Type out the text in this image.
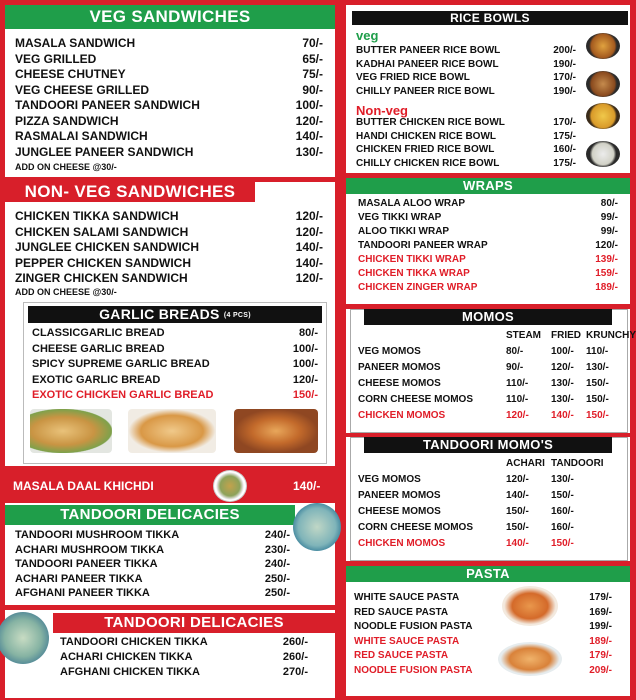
VEG SANDWICHES
MASALA SANDWICH	70/-
VEG GRILLED	65/-
CHEESE CHUTNEY	75/-
VEG CHEESE GRILLED	90/-
TANDOORI PANEER SANDWICH	100/-
PIZZA SANDWICH	120/-
RASMALAI SANDWICH	140/-
JUNGLEE PANEER SANDWICH	130/-
ADD ON CHEESE @30/-
NON- VEG SANDWICHES
CHICKEN TIKKA SANDWICH	120/-
CHICKEN SALAMI SANDWICH	120/-
JUNGLEE CHICKEN SANDWICH	140/-
PEPPER CHICKEN SANDWICH	140/-
ZINGER CHICKEN SANDWICH	120/-
ADD ON CHEESE @30/-
GARLIC BREADS (4 PCS)
CLASSICGARLIC BREAD	80/-
CHEESE GARLIC BREAD	100/-
SPICY SUPREME GARLIC BREAD	100/-
EXOTIC GARLIC BREAD	120/-
EXOTIC CHICKEN GARLIC BREAD	150/-
MASALA DAAL KHICHDI	140/-
TANDOORI DELICACIES
TANDOORI MUSHROOM TIKKA	240/-
ACHARI MUSHROOM TIKKA	230/-
TANDOORI PANEER TIKKA	240/-
ACHARI PANEER TIKKA	250/-
AFGHANI PANEER TIKKA	250/-
TANDOORI DELICACIES
TANDOORI CHICKEN TIKKA	260/-
ACHARI CHICKEN TIKKA	260/-
AFGHANI CHICKEN TIKKA	270/-
RICE BOWLS
veg
BUTTER PANEER RICE BOWL	200/-
KADHAI PANEER RICE BOWL	190/-
VEG FRIED RICE BOWL	170/-
CHILLY PANEER RICE BOWL	190/-
Non-veg
BUTTER CHICKEN RICE BOWL	170/-
HANDI CHICKEN RICE BOWL	175/-
CHICKEN FRIED RICE BOWL	160/-
CHILLY CHICKEN RICE BOWL	175/-
WRAPS
MASALA ALOO WRAP	80/-
VEG TIKKI WRAP	99/-
ALOO TIKKI WRAP	99/-
TANDOORI PANEER WRAP	120/-
CHICKEN TIKKI WRAP	139/-
CHICKEN TIKKA WRAP	159/-
CHICKEN ZINGER WRAP	189/-
MOMOS
STEAM FRIED KRUNCHY
VEG MOMOS	80/-	100/-	110/-
PANEER MOMOS	90/-	120/-	130/-
CHEESE MOMOS	110/-	130/-	150/-
CORN CHEESE MOMOS	110/-	130/-	150/-
CHICKEN MOMOS	120/-	140/-	150/-
TANDOORI MOMO'S
ACHARI TANDOORI
VEG MOMOS	120/-	130/-
PANEER MOMOS	140/-	150/-
CHEESE MOMOS	150/-	160/-
CORN CHEESE MOMOS	150/-	160/-
CHICKEN MOMOS	140/-	150/-
PASTA
WHITE SAUCE PASTA	179/-
RED SAUCE PASTA	169/-
NOODLE FUSION PASTA	199/-
WHITE SAUCE PASTA	189/-
RED SAUCE PASTA	179/-
NOODLE FUSION PASTA	209/-
